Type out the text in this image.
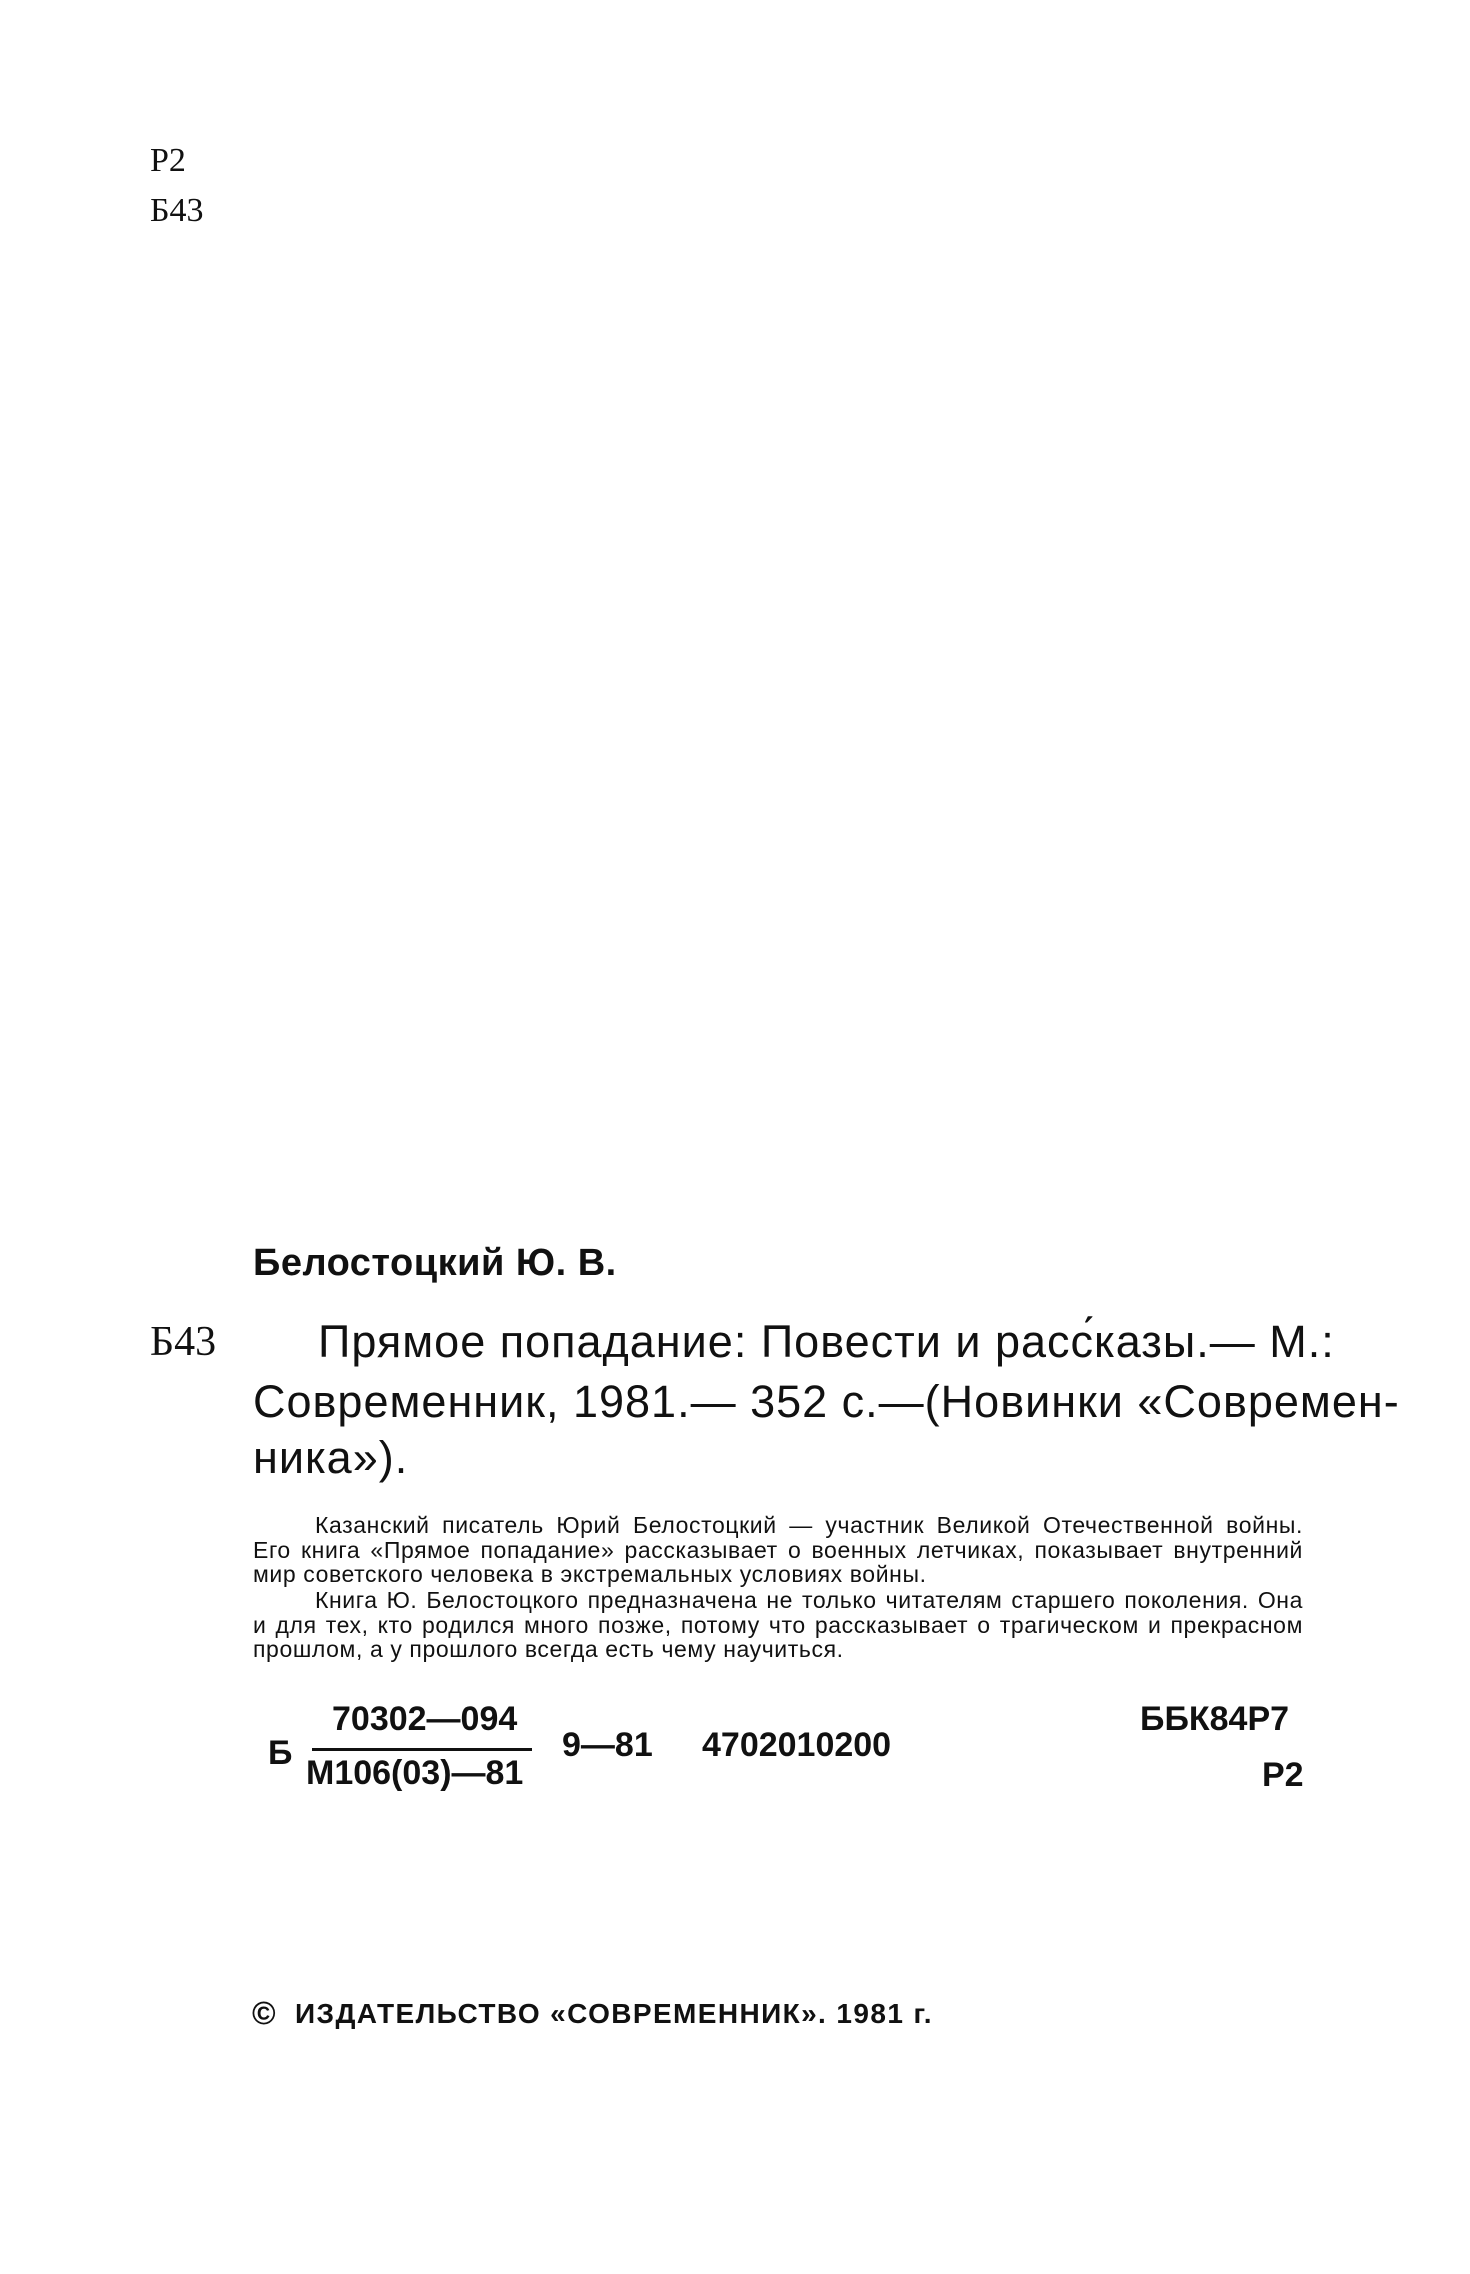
Р2
Б43
Белостоцкий Ю. В.
Б43 Прямое попадание: Повести и расс́казы.— М.:
Современник, 1981.— 352 с.—(Новинки «Современ-
ника»).
Казанский писатель Юрий Белостоцкий — участник Великой Отечественной войны. Его книга «Прямое попадание» рассказывает о военных летчиках, показывает внутренний мир советского человека в экстремальных условиях войны.
Книга Ю. Белостоцкого предназначена не только читателям старшего поколения. Она и для тех, кто родился много позже, потому что рассказывает о трагическом и прекрасном прошлом, а у прошлого всегда есть чему научиться.
Б
70302—094
М106(03)—81
9—81 4702010200
ББК84Р7
Р2
© ИЗДАТЕЛЬСТВО «СОВРЕМЕННИК». 1981 г.
